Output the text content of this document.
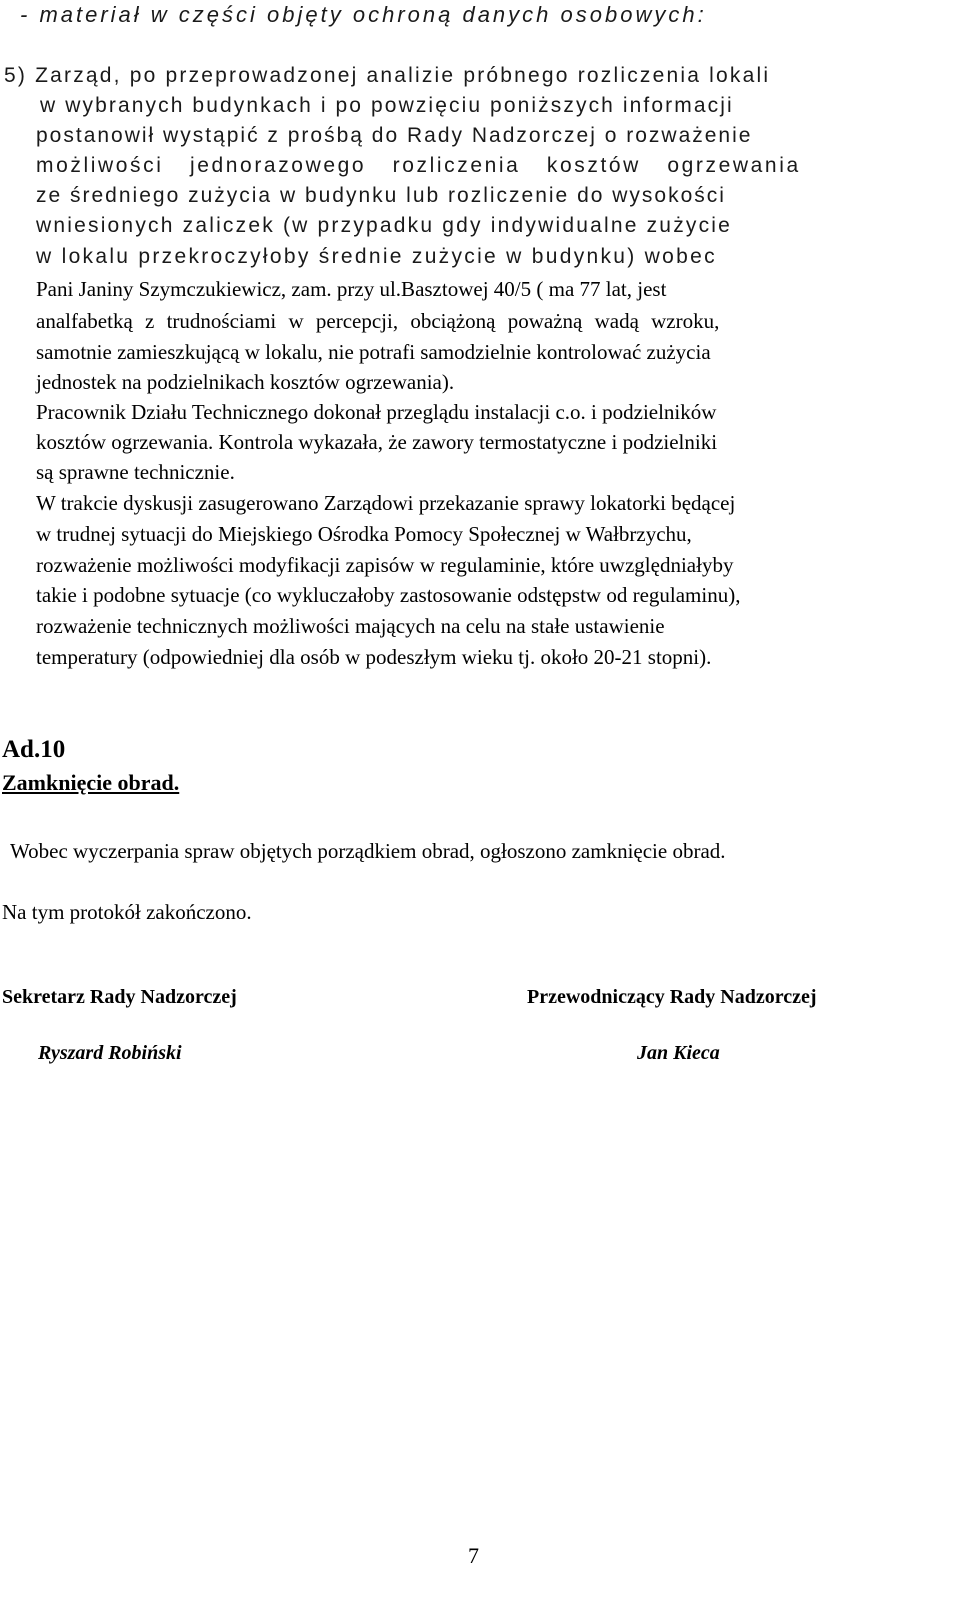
- materiał w części objęty ochroną danych osobowych:
5) Zarząd, po przeprowadzonej analizie próbnego rozliczenia lokali
w wybranych budynkach i po powzięciu poniższych informacji
postanowił wystąpić z prośbą do Rady Nadzorczej o rozważenie
możliwości jednorazowego rozliczenia kosztów ogrzewania
ze średniego zużycia w budynku lub rozliczenie do wysokości
wniesionych zaliczek (w przypadku gdy indywidualne zużycie
w lokalu przekroczyłoby średnie zużycie w budynku) wobec
Pani Janiny Szymczukiewicz, zam. przy ul.Basztowej 40/5 ( ma 77 lat, jest
analfabetką z trudnościami w percepcji, obciążoną poważną wadą wzroku,
samotnie zamieszkującą w lokalu, nie potrafi samodzielnie kontrolować zużycia
jednostek na podzielnikach kosztów ogrzewania).
Pracownik Działu Technicznego dokonał przeglądu instalacji c.o. i podzielników
kosztów ogrzewania. Kontrola wykazała, że zawory termostatyczne i podzielniki
są sprawne technicznie.
W trakcie dyskusji zasugerowano Zarządowi przekazanie sprawy lokatorki będącej
w trudnej sytuacji do Miejskiego Ośrodka Pomocy Społecznej w Wałbrzychu,
rozważenie możliwości modyfikacji zapisów w regulaminie, które uwzględniałyby
takie i podobne sytuacje (co wykluczałoby zastosowanie odstępstw od regulaminu),
rozważenie technicznych możliwości mających na celu na stałe ustawienie
temperatury (odpowiedniej dla osób w podeszłym wieku tj. około 20-21 stopni).
Ad.10
Zamknięcie obrad.
Wobec wyczerpania spraw objętych porządkiem obrad, ogłoszono zamknięcie obrad.
Na tym protokół zakończono.
Sekretarz Rady Nadzorczej
Ryszard Robiński
Przewodniczący Rady Nadzorczej
Jan Kieca
7
